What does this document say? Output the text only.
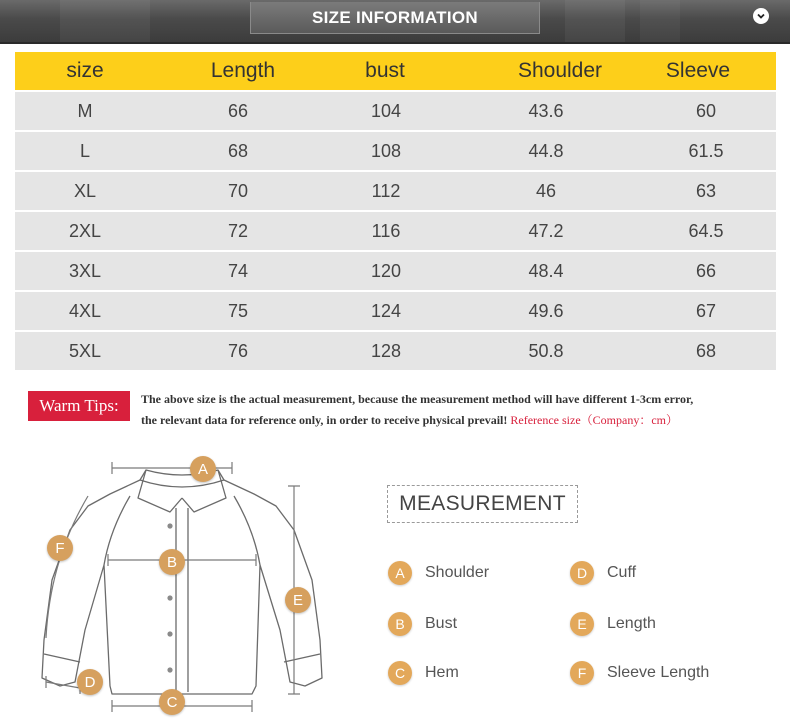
SIZE INFORMATION
size	Length	bust	Shoulder	Sleeve
M	66	104	43.6	60
L	68	108	44.8	61.5
XL	70	112	46	63
2XL	72	116	47.2	64.5
3XL	74	120	48.4	66
4XL	75	124	49.6	67
5XL	76	128	50.8	68
Warm Tips:	The above size is the actual measurement, because the measurement method will have different 1-3cm error,
the relevant data for reference only, in order to receive physical prevail! Reference size（Company：cm）
A
B
C
D
E
F
MEASUREMENT
A	Shoulder
B	Bust
C	Hem
D	Cuff
E	Length
F	Sleeve Length
